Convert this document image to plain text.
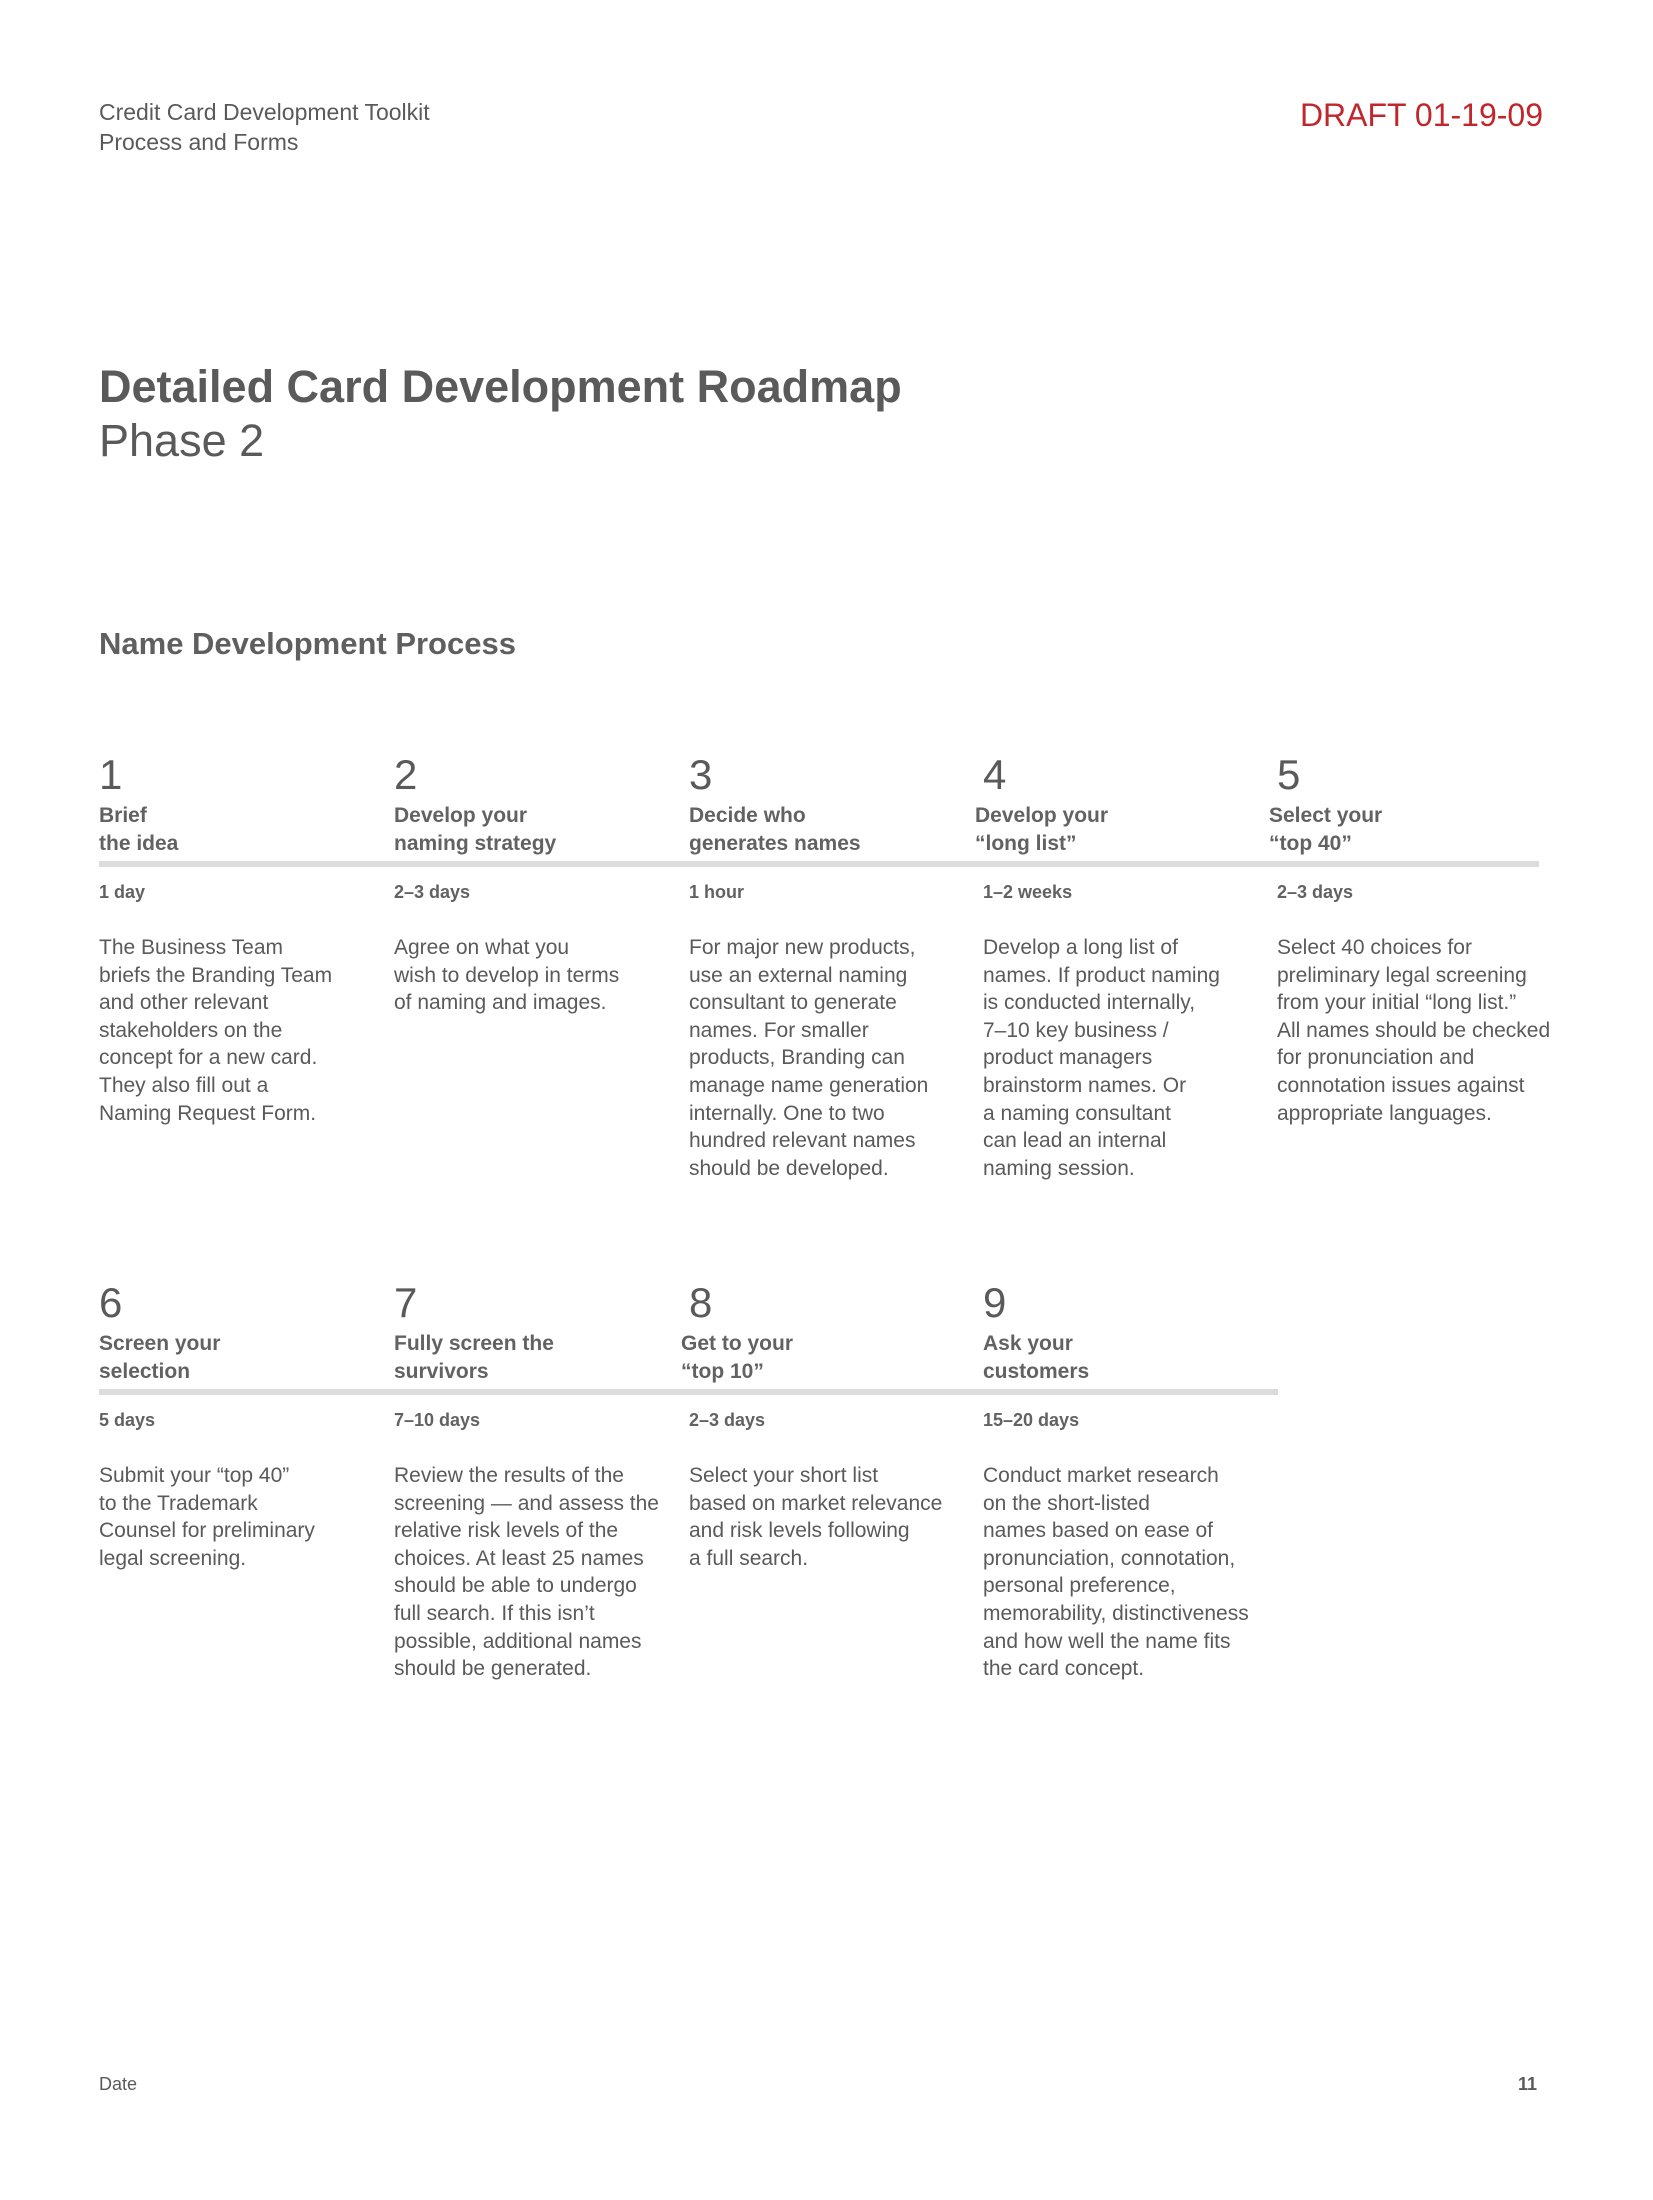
Credit Card Development Toolkit
Process and Forms
DRAFT 01-19-09
Detailed Card Development Roadmap
Phase 2
Name Development Process
1
Brief
the idea
1 day
The Business Team
briefs the Branding Team
and other relevant
stakeholders on the
concept for a new card.
They also fill out a
Naming Request Form.
2
Develop your
naming strategy
2–3 days
Agree on what you
wish to develop in terms
of naming and images.
3
Decide who
generates names
1 hour
For major new products,
use an external naming
consultant to generate
names. For smaller
products, Branding can
manage name generation
internally. One to two
hundred relevant names
should be developed.
4
Develop your
“long list”
1–2 weeks
Develop a long list of
names. If product naming
is conducted internally,
7–10 key business /
product managers
brainstorm names. Or
a naming consultant
can lead an internal
naming session.
5
Select your
“top 40”
2–3 days
Select 40 choices for
preliminary legal screening
from your initial “long list.”
All names should be checked
for pronunciation and
connotation issues against
appropriate languages.
6
Screen your
selection
5 days
Submit your “top 40”
to the Trademark
Counsel for preliminary
legal screening.
7
Fully screen the
survivors
7–10 days
Review the results of the
screening — and assess the
relative risk levels of the
choices. At least 25 names
should be able to undergo
full search. If this isn’t
possible, additional names
should be generated.
8
Get to your
“top 10”
2–3 days
Select your short list
based on market relevance
and risk levels following
a full search.
9
Ask your
customers
15–20 days
Conduct market research
on the short-listed
names based on ease of
pronunciation, connotation,
personal preference,
memorability, distinctiveness
and how well the name fits
the card concept.
Date	11
